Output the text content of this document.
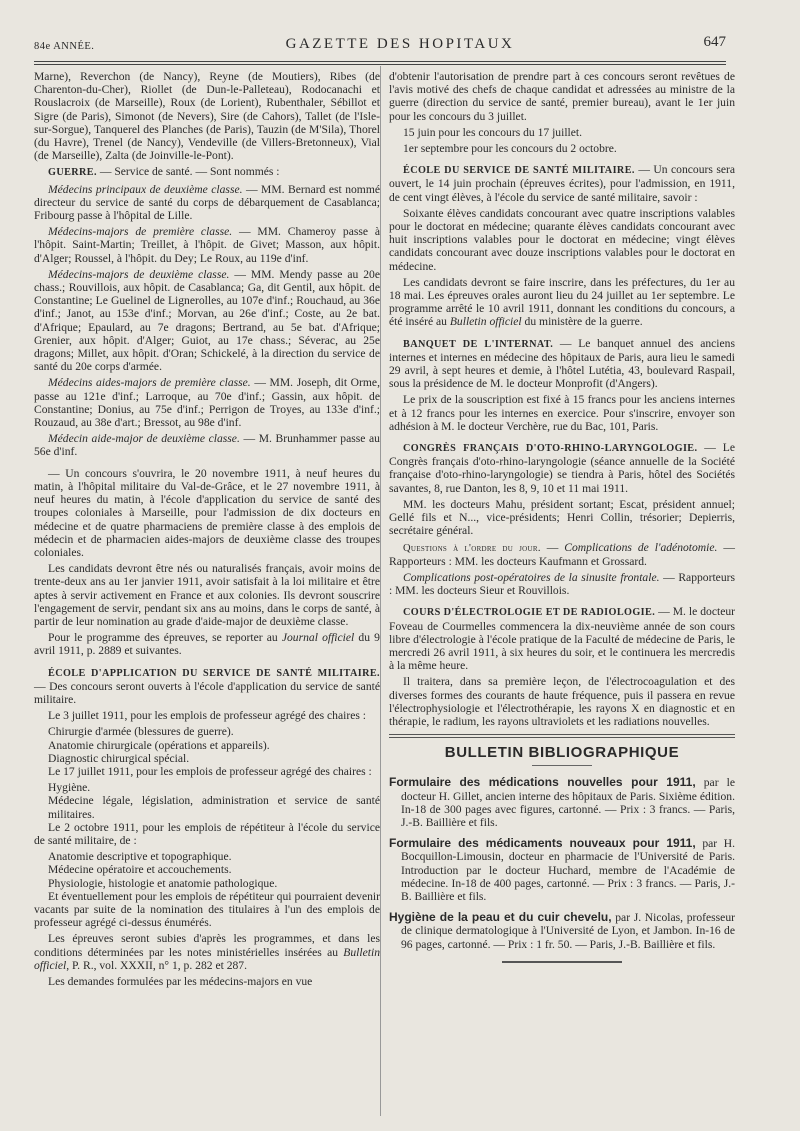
84e ANNÉE.	GAZETTE DES HOPITAUX	647

Marne), Reverchon (de Nancy), Reyne (de Moutiers), Ribes (de Charenton-du-Cher), Riollet (de Dun-le-Palleteau), Rodocanachi et Rouslacroix (de Marseille), Roux (de Lorient), Rubenthaler, Sébillot et Sigre (de Paris), Simonot (de Nevers), Sire (de Cahors), Tallet (de l'Isle-sur-Sorgue), Tanquerel des Planches (de Paris), Tauzin (de M'Sila), Thorel (du Havre), Trenel (de Nancy), Vendeville (de Villers-Bretonneux), Vial (de Marseille), Zalta (de Joinville-le-Pont).

GUERRE. — Service de santé. — Sont nommés :

Médecins principaux de deuxième classe. — MM. Bernard est nommé directeur du service de santé du corps de débarquement de Casablanca; Fribourg passe à l'hôpital de Lille.

Médecins-majors de première classe. — MM. Chameroy passe à l'hôpit. Saint-Martin; Treillet, à l'hôpit. de Givet; Masson, aux hôpit. d'Alger; Roussel, à l'hôpit. du Dey; Le Roux, au 119e d'inf.

Médecins-majors de deuxième classe. — MM. Mendy passe au 20e chass.; Rouvillois, aux hôpit. de Casablanca; Ga, dit Gentil, aux hôpit. de Constantine; Le Guelinel de Lignerolles, au 107e d'inf.; Rouchaud, au 36e d'inf.; Janot, au 153e d'inf.; Morvan, au 26e d'inf.; Coste, au 2e bat. d'Afrique; Epaulard, au 7e dragons; Bertrand, au 5e bat. d'Afrique; Grenier, aux hôpit. d'Alger; Guiot, au 17e chass.; Séverac, au 25e dragons; Millet, aux hôpit. d'Oran; Schickelé, à la direction du service de santé du 20e corps d'armée.

Médecins aides-majors de première classe. — MM. Joseph, dit Orme, passe au 121e d'inf.; Larroque, au 70e d'inf.; Gassin, aux hôpit. de Constantine; Donius, au 75e d'inf.; Perrigon de Troyes, au 133e d'inf.; Rouzaud, au 38e d'art.; Bressot, au 98e d'inf.

Médecin aide-major de deuxième classe. — M. Brunhammer passe au 56e d'inf.

— Un concours s'ouvrira, le 20 novembre 1911, à neuf heures du matin, à l'hôpital militaire du Val-de-Grâce, et le 27 novembre 1911, à neuf heures du matin, à l'école d'application du service de santé des troupes coloniales à Marseille, pour l'admission de dix docteurs en médecine et de quatre pharmaciens de première classe à des emplois de médecin et de pharmacien aides-majors de deuxième classe des troupes coloniales.

Les candidats devront être nés ou naturalisés français, avoir moins de trente-deux ans au 1er janvier 1911, avoir satisfait à la loi militaire et être aptes à servir activement en France et aux colonies. Ils devront souscrire l'engagement de servir, pendant six ans au moins, dans le corps de santé, à partir de leur nomination au grade d'aide-major de deuxième classe.

Pour le programme des épreuves, se reporter au Journal officiel du 9 avril 1911, p. 2889 et suivantes.

ÉCOLE D'APPLICATION DU SERVICE DE SANTÉ MILITAIRE. — Des concours seront ouverts à l'école d'application du service de santé militaire.

Le 3 juillet 1911, pour les emplois de professeur agrégé des chaires :

Chirurgie d'armée (blessures de guerre).
Anatomie chirurgicale (opérations et appareils).
Diagnostic chirurgical spécial.

Le 17 juillet 1911, pour les emplois de professeur agrégé des chaires :

Hygiène.
Médecine légale, législation, administration et service de santé militaires.

Le 2 octobre 1911, pour les emplois de répétiteur à l'école du service de santé militaire, de :

Anatomie descriptive et topographique.
Médecine opératoire et accouchements.
Physiologie, histologie et anatomie pathologique.

Et éventuellement pour les emplois de répétiteur qui pourraient devenir vacants par suite de la nomination des titulaires à l'un des emplois de professeur agrégé ci-dessus énumérés.

Les épreuves seront subies d'après les programmes, et dans les conditions déterminées par les notes ministérielles insérées au Bulletin officiel, P. R., vol. XXXII, n° 1, p. 282 et 287.

Les demandes formulées par les médecins-majors en vue

d'obtenir l'autorisation de prendre part à ces concours seront revêtues de l'avis motivé des chefs de chaque candidat et adressées au ministre de la guerre (direction du service de santé, premier bureau), avant le 1er juin pour les concours du 3 juillet.

15 juin pour les concours du 17 juillet.

1er septembre pour les concours du 2 octobre.

ÉCOLE DU SERVICE DE SANTÉ MILITAIRE. — Un concours sera ouvert, le 14 juin prochain (épreuves écrites), pour l'admission, en 1911, de cent vingt élèves, à l'école du service de santé militaire, savoir :

Soixante élèves candidats concourant avec quatre inscriptions valables pour le doctorat en médecine; quarante élèves candidats concourant avec huit inscriptions valables pour le doctorat en médecine; vingt élèves candidats concourant avec douze inscriptions valables pour le doctorat en médecine.

Les candidats devront se faire inscrire, dans les préfectures, du 1er au 18 mai. Les épreuves orales auront lieu du 24 juillet au 1er septembre. Le programme arrêté le 10 avril 1911, donnant les conditions du concours, a été inséré au Bulletin officiel du ministère de la guerre.

BANQUET DE L'INTERNAT. — Le banquet annuel des anciens internes et internes en médecine des hôpitaux de Paris, aura lieu le samedi 29 avril, à sept heures et demie, à l'hôtel Lutétia, 43, boulevard Raspail, sous la présidence de M. le docteur Monprofit (d'Angers).

Le prix de la souscription est fixé à 15 francs pour les anciens internes et à 12 francs pour les internes en exercice. Pour s'inscrire, envoyer son adhésion à M. le docteur Verchère, rue du Bac, 101, Paris.

CONGRÈS FRANÇAIS D'OTO-RHINO-LARYNGOLOGIE. — Le Congrès français d'oto-rhino-laryngologie (séance annuelle de la Société française d'oto-rhino-laryngologie) se tiendra à Paris, hôtel des Sociétés savantes, 8, rue Danton, les 8, 9, 10 et 11 mai 1911.

MM. les docteurs Mahu, président sortant; Escat, président annuel; Gellé fils et N..., vice-présidents; Henri Collin, trésorier; Depierris, secrétaire général.

Questions à l'ordre du jour. — Complications de l'adénotomie. — Rapporteurs : MM. les docteurs Kaufmann et Grossard.

Complications post-opératoires de la sinusite frontale. — Rapporteurs : MM. les docteurs Sieur et Rouvillois.

COURS D'ÉLECTROLOGIE ET DE RADIOLOGIE. — M. le docteur Foveau de Courmelles commencera la dix-neuvième année de son cours libre d'électrologie à l'école pratique de la Faculté de médecine de Paris, le mercredi 26 avril 1911, à six heures du soir, et le continuera les mercredis à la même heure.

Il traitera, dans sa première leçon, de l'électrocoagulation et des diverses formes des courants de haute fréquence, puis il passera en revue l'électrophysiologie et l'électrothérapie, les rayons X en diagnostic et en thérapie, le radium, les rayons ultraviolets et les radiations nouvelles.

BULLETIN BIBLIOGRAPHIQUE
Formulaire des médications nouvelles pour 1911, par le docteur H. Gillet, ancien interne des hôpitaux de Paris. Sixième édition. In-18 de 300 pages avec figures, cartonné. — Prix : 3 francs. — Paris, J.-B. Baillière et fils.
Formulaire des médicaments nouveaux pour 1911, par H. Bocquillon-Limousin, docteur en pharmacie de l'Université de Paris. Introduction par le docteur Huchard, membre de l'Académie de médecine. In-18 de 400 pages, cartonné. — Prix : 3 francs. — Paris, J.-B. Baillière et fils.
Hygiène de la peau et du cuir chevelu, par J. Nicolas, professeur de clinique dermatologique à l'Université de Lyon, et Jambon. In-16 de 96 pages, cartonné. — Prix : 1 fr. 50. — Paris, J.-B. Baillière et fils.
